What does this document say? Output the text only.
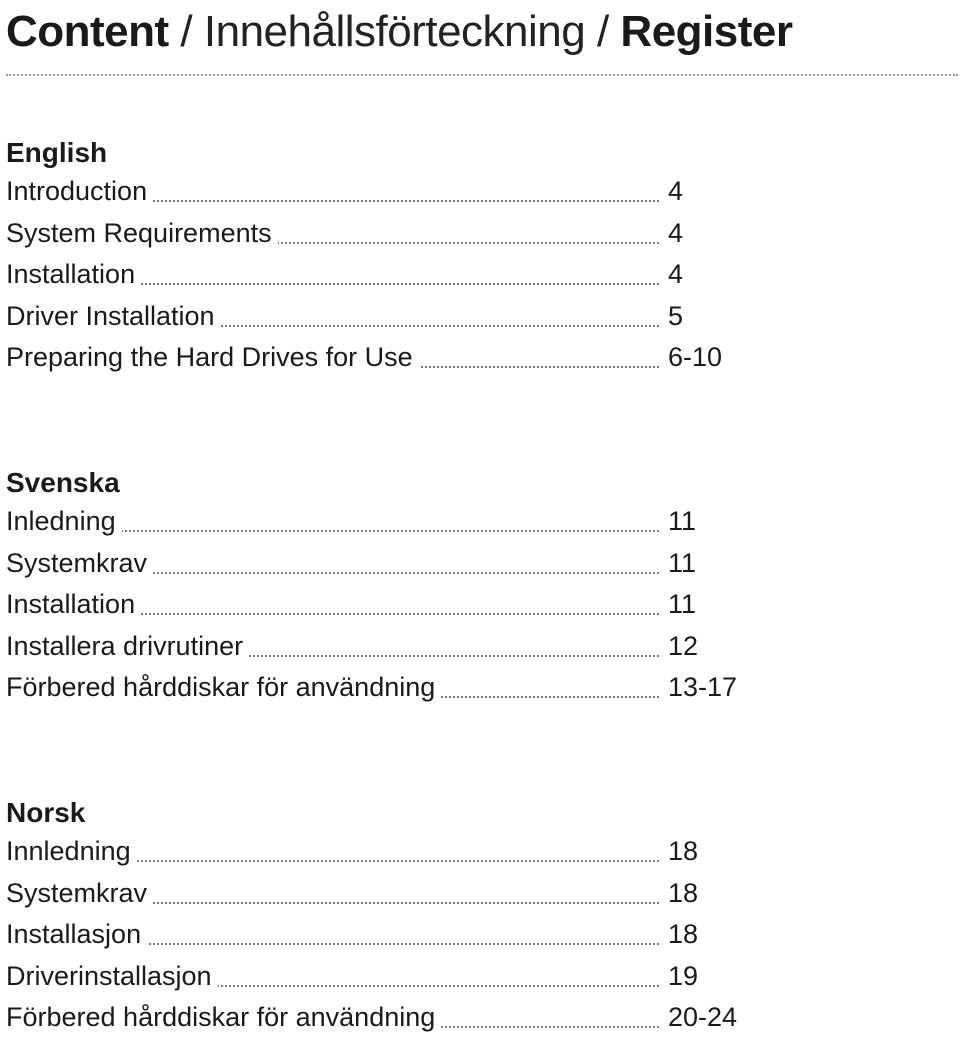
Content / Innehållsförteckning / Register
English
Introduction	4
System Requirements	4
Installation	4
Driver Installation	5
Preparing the Hard Drives for Use	6-10
Svenska
Inledning	11
Systemkrav	11
Installation	11
Installera drivrutiner	12
Förbered hårddiskar för användning	13-17
Norsk
Innledning	18
Systemkrav	18
Installasjon	18
Driverinstallasjon	19
Förbered hårddiskar för användning	20-24
